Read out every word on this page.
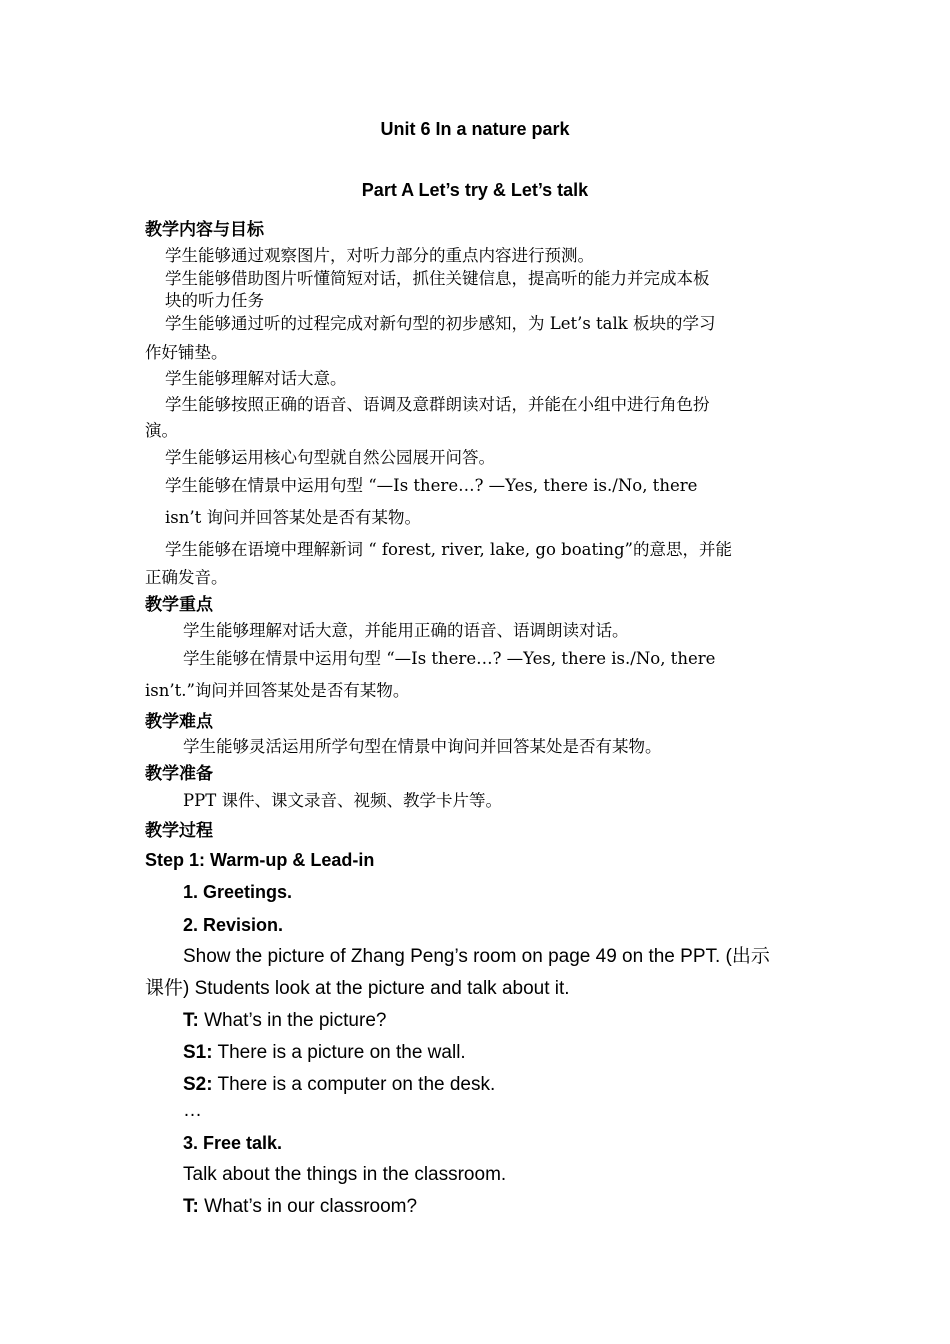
Unit 6 In a nature park
Part A Let’s try & Let’s talk
教学内容与目标
学生能够通过观察图片，对听力部分的重点内容进行预测。
学生能够借助图片听懂简短对话，抓住关键信息，提高听的能力并完成本板
块的听力任务
学生能够通过听的过程完成对新句型的初步感知，为 Let’s talk 板块的学习
作好铺垫。
学生能够理解对话大意。
学生能够按照正确的语音、语调及意群朗读对话，并能在小组中进行角色扮
演。
学生能够运用核心句型就自然公园展开问答。
学生能够在情景中运用句型 “—Is there…? —Yes, there is./No, there
isn’t 询问并回答某处是否有某物。
学生能够在语境中理解新词 “ forest, river, lake, go boating”的意思，并能
正确发音。
教学重点
学生能够理解对话大意，并能用正确的语音、语调朗读对话。
学生能够在情景中运用句型 “—Is there…? —Yes, there is./No, there
isn’t.”询问并回答某处是否有某物。
教学难点
学生能够灵活运用所学句型在情景中询问并回答某处是否有某物。
教学准备
PPT 课件、课文录音、视频、教学卡片等。
教学过程
Step 1: Warm-up & Lead-in
1. Greetings.
2. Revision.
Show the picture of Zhang Peng’s room on page 49 on the PPT. (出示
课件) Students look at the picture and talk about it.
T: What’s in the picture?
S1: There is a picture on the wall.
S2: There is a computer on the desk.
…
3. Free talk.
Talk about the things in the classroom.
T: What’s in our classroom?
